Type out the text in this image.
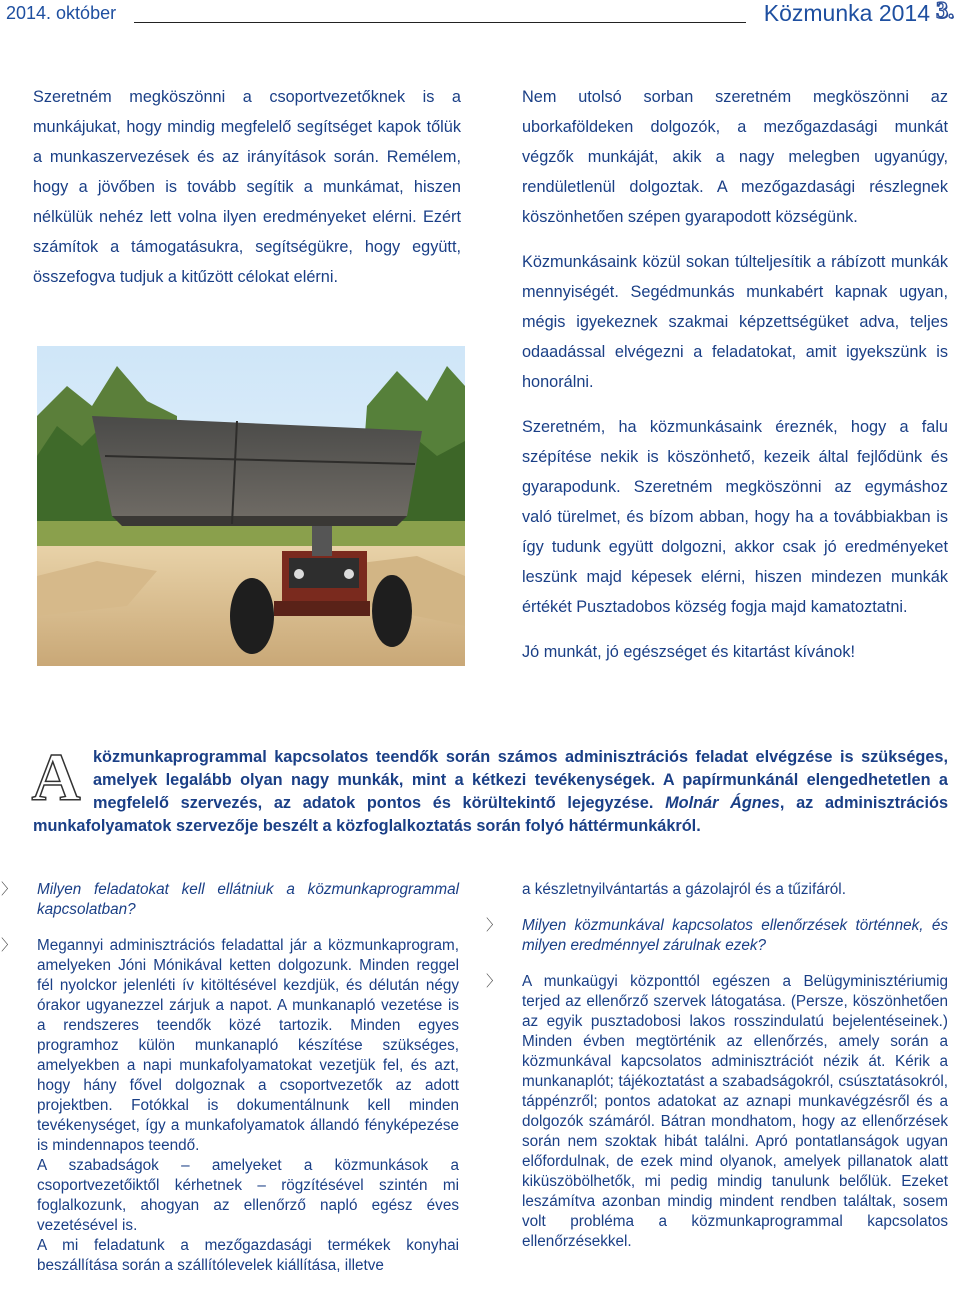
2014. október	Közmunka 2014 3.

Szeretném megköszönni a csoportvezetőknek is a munkájukat, hogy mindig megfelelő segítséget kapok tőlük a munkaszervezések és az irányítások során. Remélem, hogy a jövőben is tovább segítik a munkámat, hiszen nélkülük nehéz lett volna ilyen eredményeket elérni. Ezért számítok a támogatásukra, segítségükre, hogy együtt, összefogva tudjuk a kitűzött célokat elérni.

Nem utolsó sorban szeretném megköszönni az uborkaföldeken dolgozók, a mezőgazdasági munkát végzők munkáját, akik a nagy melegben ugyanúgy, rendületlenül dolgoztak. A mezőgazdasági részlegnek köszönhetően szépen gyarapodott községünk.

Közmunkásaink közül sokan túlteljesítik a rábízott munkák mennyiségét. Segédmunkás munkabért kapnak ugyan, mégis igyekeznek szakmai képzettségüket adva, teljes odaadással elvégezni a feladatokat, amit igyekszünk is honorálni.

Szeretném, ha közmunkásaink éreznék, hogy a falu szépítése nekik is köszönhető, kezeik által fejlődünk és gyarapodunk. Szeretném megköszönni az egymáshoz való türelmet, és bízom abban, hogy ha a továbbiakban is így tudunk együtt dolgozni, akkor csak jó eredményeket leszünk majd képesek elérni, hiszen mindezen munkák értékét Pusztadobos község fogja majd kamatoztatni.

Jó munkát, jó egészséget és kitartást kívánok!

A közmunkaprogrammal kapcsolatos teendők során számos adminisztrációs feladat elvégzése is szükséges, amelyek legalább olyan nagy munkák, mint a kétkezi tevékenységek. A papírmunkánál elengedhetetlen a megfelelő szervezés, az adatok pontos és körültekintő lejegyzése. Molnár Ágnes, az adminisztrációs munkafolyamatok szervezője beszélt a közfoglalkoztatás során folyó háttérmunkákról.
〉 Milyen feladatokat kell ellátniuk a közmunkaprogrammal kapcsolatban?

〉 Megannyi adminisztrációs feladattal jár a közmunkaprogram, amelyeken Jóni Mónikával ketten dolgozunk. Minden reggel fél nyolckor jelenléti ív kitöltésével kezdjük, és délután négy órakor ugyanezzel zárjuk a napot. A munkanapló vezetése is a rendszeres teendők közé tartozik. Minden egyes programhoz külön munkanapló készítése szükséges, amelyekben a napi munkafolyamatokat vezetjük fel, és azt, hogy hány fővel dolgoznak a csoportvezetők az adott projektben. Fotókkal is dokumentálnunk kell minden tevékenységet, így a munkafolyamatok állandó fényképezése is mindennapos teendő.

A szabadságok – amelyeket a közmunkások a csoportvezetőiktől kérhetnek – rögzítésével szintén mi foglalkozunk, ahogyan az ellenőrző napló egész éves vezetésével is.

A mi feladatunk a mezőgazdasági termékek konyhai beszállítása során a szállítólevelek kiállítása, illetve

a készletnyilvántartás a gázolajról és a tűzifáról.

〉 Milyen közmunkával kapcsolatos ellenőrzések történnek, és milyen eredménnyel zárulnak ezek?

〉 A munkaügyi központtól egészen a Belügyminisztériumig terjed az ellenőrző szervek látogatása. (Persze, köszönhetően az egyik pusztadobosi lakos rosszindulatú bejelentéseinek.) Minden évben megtörténik az ellenőrzés, amely során a közmunkával kapcsolatos adminisztrációt nézik át. Kérik a munkanaplót; tájékoztatást a szabadságokról, csúsztatásokról, táppénzről; pontos adatokat az aznapi munkavégzésről és a dolgozók számáról. Bátran mondhatom, hogy az ellenőrzések során nem szoktak hibát találni. Apró pontatlanságok ugyan előfordulnak, de ezek mind olyanok, amelyek pillanatok alatt kiküszöbölhetők, mi pedig mindig tanulunk belőlük. Ezeket leszámítva azonban mindig mindent rendben találtak, sosem volt probléma a közmunkaprogrammal kapcsolatos ellenőrzésekkel.
